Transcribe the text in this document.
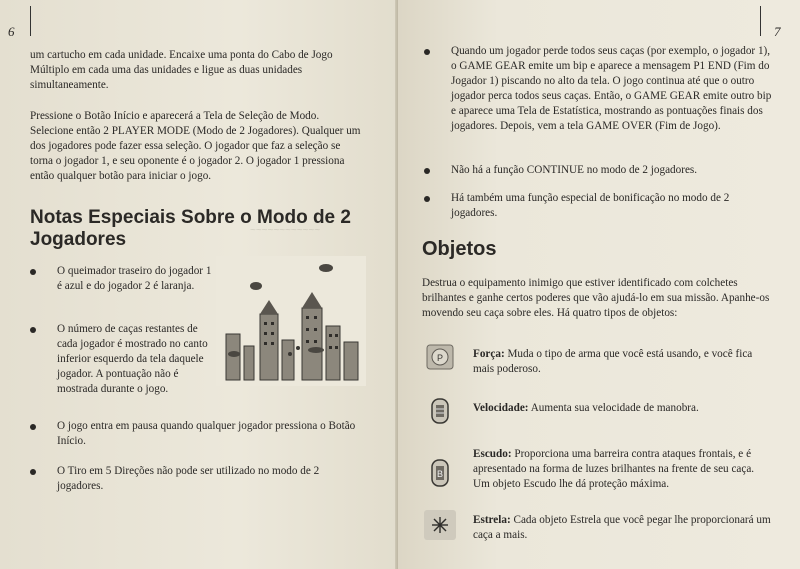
6

um cartucho em cada unidade. Encaixe uma ponta do Cabo de Jogo Múltiplo em cada uma das unidades e ligue as duas unidades simultaneamente.

Pressione o Botão Início e aparecerá a Tela de Seleção de Modo. Selecione então 2 PLAYER MODE (Modo de 2 Jogadores). Qualquer um dos jogadores pode fazer essa seleção. O jogador que faz a seleção se torna o jogador 1, e seu oponente é o jogador 2. O jogador 1 pressiona então qualquer botão para iniciar o jogo.

Notas Especiais Sobre o Modo de 2 Jogadores
O queimador traseiro do jogador 1 é azul e do jogador 2 é laranja.
O número de caças restantes de cada jogador é mostrado no canto inferior esquerdo da tela daquele jogador. A pontuação não é mostrada durante o jogo.
O jogo entra em pausa quando qualquer jogador pressiona o Botão Início.
O Tiro em 5 Direções não pode ser utilizado no modo de 2 jogadores.
~~~~~~~~~~~~
7
Quando um jogador perde todos seus caças (por exemplo, o jogador 1), o GAME GEAR emite um bip e aparece a mensagem P1 END (Fim do Jogador 1) piscando no alto da tela. O jogo continua até que o outro jogador perca todos seus caças. Então, o GAME GEAR emite outro bip e aparece uma Tela de Estatística, mostrando as pontuações finais dos jogadores. Depois, vem a tela GAME OVER (Fim de Jogo).
Não há a função CONTINUE no modo de 2 jogadores.
Há também uma função especial de bonificação no modo de 2 jogadores.
Objetos

Destrua o equipamento inimigo que estiver identificado com colchetes brilhantes e ganhe certos poderes que vão ajudá-lo em sua missão. Apanhe-os movendo seu caça sobre eles. Há quatro tipos de objetos:

P	Força: Muda o tipo de arma que você está usando, e você fica mais poderoso.
Velocidade: Aumenta sua velocidade de manobra.
B
Escudo: Proporciona uma barreira contra ataques frontais, e é apresentado na forma de luzes brilhantes na frente de seu caça. Um objeto Escudo lhe dá proteção máxima.
Estrela: Cada objeto Estrela que você pegar lhe proporcionará um caça a mais.
